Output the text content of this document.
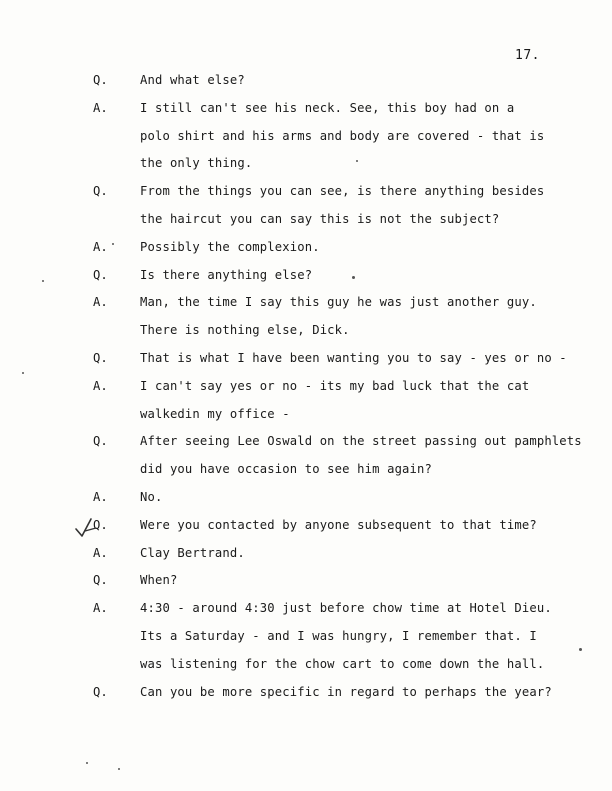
17.
Q.	And what else?
A.	I still can't see his neck. See, this boy had on a
polo shirt and his arms and body are covered - that is
the only thing.
Q.	From the things you can see, is there anything besides
the haircut you can say this is not the subject?
A.	Possibly the complexion.
Q.	Is there anything else?
A.	Man, the time I say this guy he was just another guy.
There is nothing else, Dick.
Q.	That is what I have been wanting you to say - yes or no -
A.	I can't say yes or no - its my bad luck that the cat
walkedin my office -
Q.	After seeing Lee Oswald on the street passing out pamphlets
did you have occasion to see him again?
A.	No.
Q.	Were you contacted by anyone subsequent to that time?
A.	Clay Bertrand.
Q.	When?
A.	4:30 - around 4:30 just before chow time at Hotel Dieu.
Its a Saturday - and I was hungry, I remember that. I
was listening for the chow cart to come down the hall.
Q.	Can you be more specific in regard to perhaps the year?
